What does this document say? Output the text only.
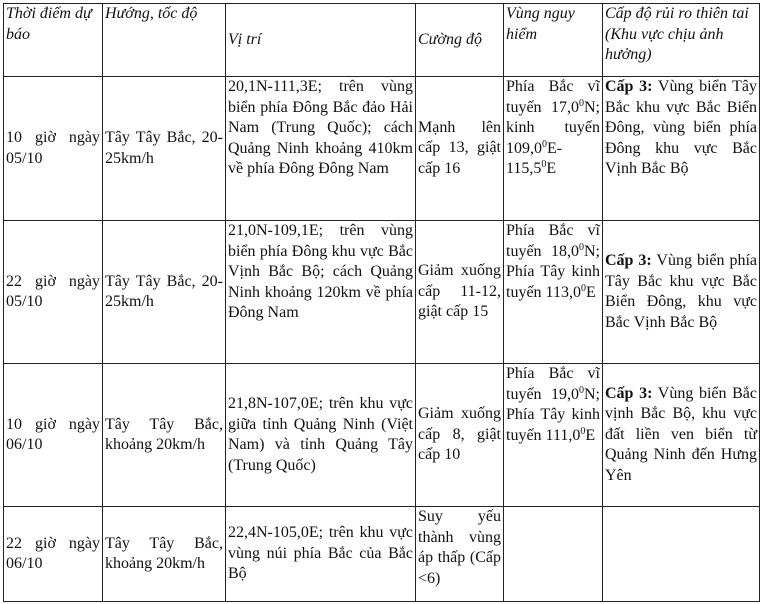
Thời điểm dự báo	Hướng, tốc độ	Vị trí	Cường độ	Vùng nguy hiểm	Cấp độ rủi ro thiên tai (Khu vực chịu ảnh hưởng)
10 giờ ngày 05/10	Tây Tây Bắc, 20-25km/h	20,1N-111,3E; trên vùng biển phía Đông Bắc đảo Hải Nam (Trung Quốc); cách Quảng Ninh khoảng 410km về phía Đông Đông Nam	Mạnh lên cấp 13, giật cấp 16	Phía Bắc vĩ tuyến 17,0$^0$N; kinh tuyến 109,0$^0$E-115,5$^0$E	Cấp 3: Vùng biển Tây Bắc khu vực Bắc Biển Đông, vùng biển phía Đông khu vực Bắc Vịnh Bắc Bộ
22 giờ ngày 05/10	Tây Tây Bắc, 20-25km/h	21,0N-109,1E; trên vùng biển phía Đông khu vực Bắc Vịnh Bắc Bộ; cách Quảng Ninh khoảng 120km về phía Đông Nam	Giảm xuống cấp 11-12, giật cấp 15	Phía Bắc vĩ tuyến 18,0$^0$N; Phía Tây kinh tuyến 113,0$^0$E	Cấp 3: Vùng biển phía Tây Bắc khu vực Bắc Biển Đông, khu vực Bắc Vịnh Bắc Bộ
10 giờ ngày 06/10	Tây Tây Bắc, khoảng 20km/h	21,8N-107,0E; trên khu vực giữa tỉnh Quảng Ninh (Việt Nam) và tỉnh Quảng Tây (Trung Quốc)	Giảm xuống cấp 8, giật cấp 10	Phía Bắc vĩ tuyến 19,0$^0$N; Phía Tây kinh tuyến 111,0$^0$E	Cấp 3: Vùng biển Bắc vịnh Bắc Bộ, khu vực đất liền ven biển từ Quảng Ninh đến Hưng Yên
22 giờ ngày 06/10	Tây Tây Bắc, khoảng 20km/h	22,4N-105,0E; trên khu vực vùng núi phía Bắc của Bắc Bộ	Suy yếu thành vùng áp thấp (Cấp <6)		
